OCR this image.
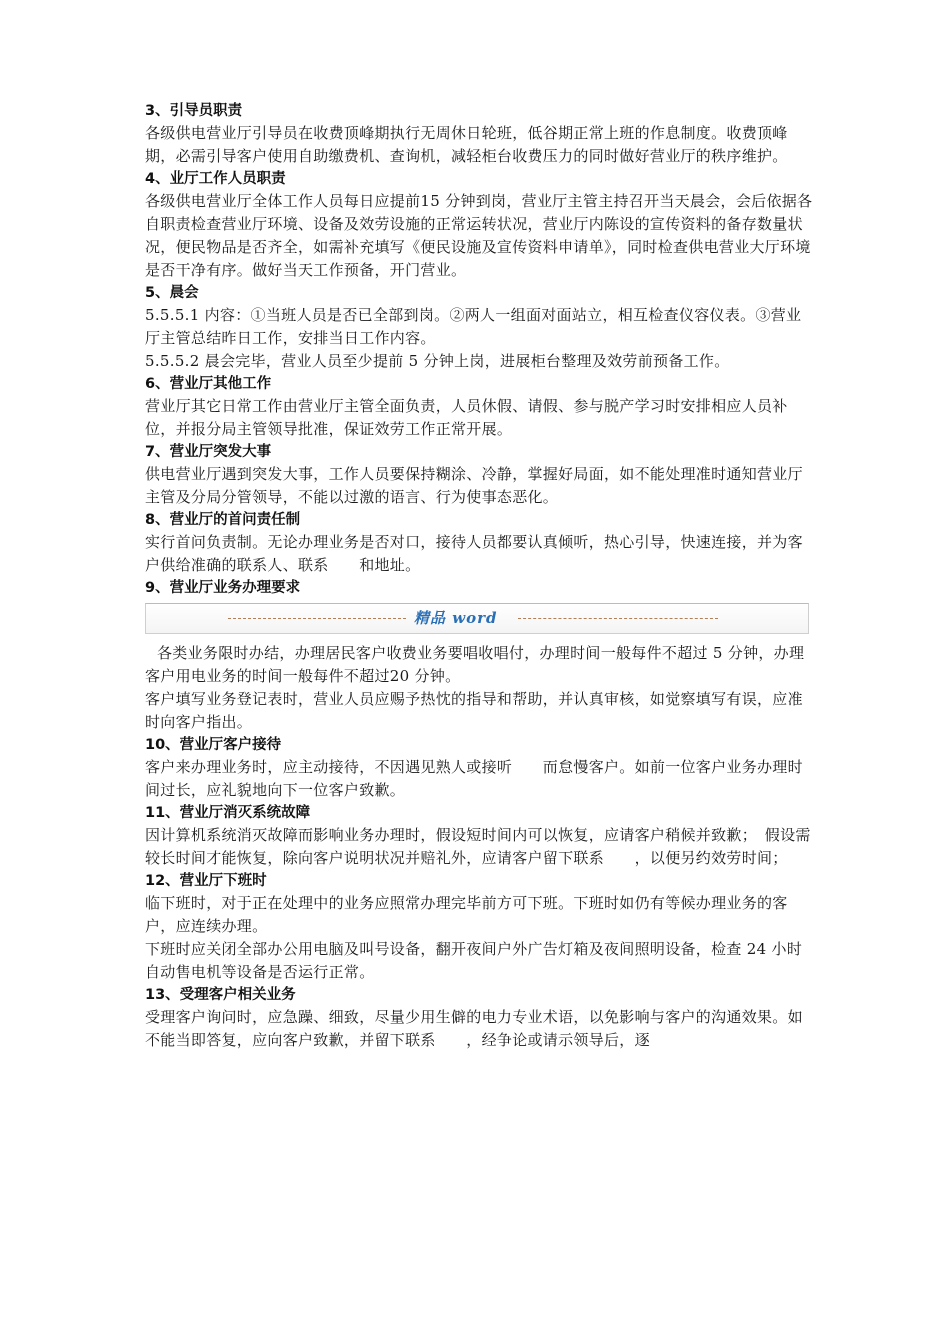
3、引导员职责

各级供电营业厅引导员在收费顶峰期执行无周休日轮班，低谷期正常上班的作息制度。收费顶峰期，必需引导客户使用自助缴费机、查询机，减轻柜台收费压力的同时做好营业厅的秩序维护。

4、业厅工作人员职责

各级供电营业厅全体工作人员每日应提前15 分钟到岗，营业厅主管主持召开当天晨会，会后依据各自职责检查营业厅环境、设备及效劳设施的正常运转状况，营业厅内陈设的宣传资料的备存数量状况，便民物品是否齐全，如需补充填写《便民设施及宣传资料申请单》，同时检查供电营业大厅环境是否干净有序。做好当天工作预备，开门营业。

5、晨会

5.5.5.1 内容：①当班人员是否已全部到岗。②两人一组面对面站立，相互检查仪容仪表。③营业厅主管总结昨日工作，安排当日工作内容。

5.5.5.2 晨会完毕，营业人员至少提前 5 分钟上岗，进展柜台整理及效劳前预备工作。

6、营业厅其他工作

营业厅其它日常工作由营业厅主管全面负责，人员休假、请假、参与脱产学习时安排相应人员补位，并报分局主管领导批准，保证效劳工作正常开展。

7、营业厅突发大事

供电营业厅遇到突发大事，工作人员要保持糊涂、冷静，掌握好局面，如不能处理准时通知营业厅主管及分局分管领导，不能以过激的语言、行为使事态恶化。

8、营业厅的首问责任制

实行首问负责制。无论办理业务是否对口，接待人员都要认真倾听，热心引导，快速连接，并为客户供给准确的联系人、联系　　和地址。

9、营业厅业务办理要求

精品 word

各类业务限时办结，办理居民客户收费业务要唱收唱付，办理时间一般每件不超过 5 分钟，办理客户用电业务的时间一般每件不超过20 分钟。

客户填写业务登记表时，营业人员应赐予热忱的指导和帮助，并认真审核，如觉察填写有误，应准时向客户指出。

10、营业厅客户接待

客户来办理业务时，应主动接待，不因遇见熟人或接听　　而怠慢客户。如前一位客户业务办理时间过长，应礼貌地向下一位客户致歉。

11、营业厅消灭系统故障

因计算机系统消灭故障而影响业务办理时，假设短时间内可以恢复，应请客户稍候并致歉；　假设需较长时间才能恢复，除向客户说明状况并赔礼外，应请客户留下联系　　，以便另约效劳时间；

12、营业厅下班时

临下班时，对于正在处理中的业务应照常办理完毕前方可下班。下班时如仍有等候办理业务的客户，应连续办理。

下班时应关闭全部办公用电脑及叫号设备，翻开夜间户外广告灯箱及夜间照明设备，检查 24 小时自动售电机等设备是否运行正常。

13、受理客户相关业务

受理客户询问时，应急躁、细致，尽量少用生僻的电力专业术语，以免影响与客户的沟通效果。如不能当即答复，应向客户致歉，并留下联系　　，经争论或请示领导后，逐
